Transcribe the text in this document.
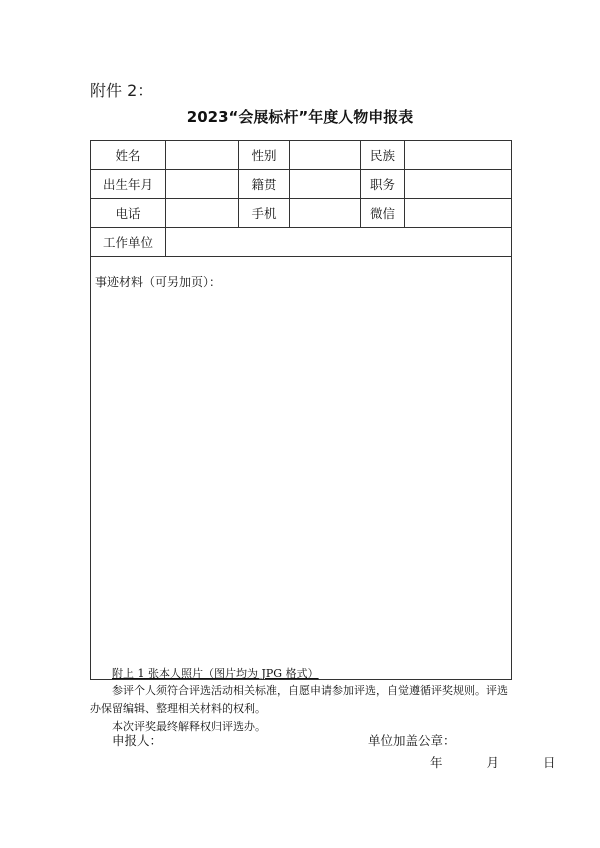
附件 2：
2023“会展标杆”年度人物申报表
姓名		性别		民族	
出生年月		籍贯		职务	
电话		手机		微信	
工作单位					
事迹材料（可另加页）：					
附上 1 张本人照片（图片均为 JPG 格式）

参评个人须符合评选活动相关标准，自愿申请参加评选，自觉遵循评奖规则。评选办保留编辑、整理相关材料的权利。

本次评奖最终解释权归评选办。

申报人：	单位加盖公章：
年	月	日
